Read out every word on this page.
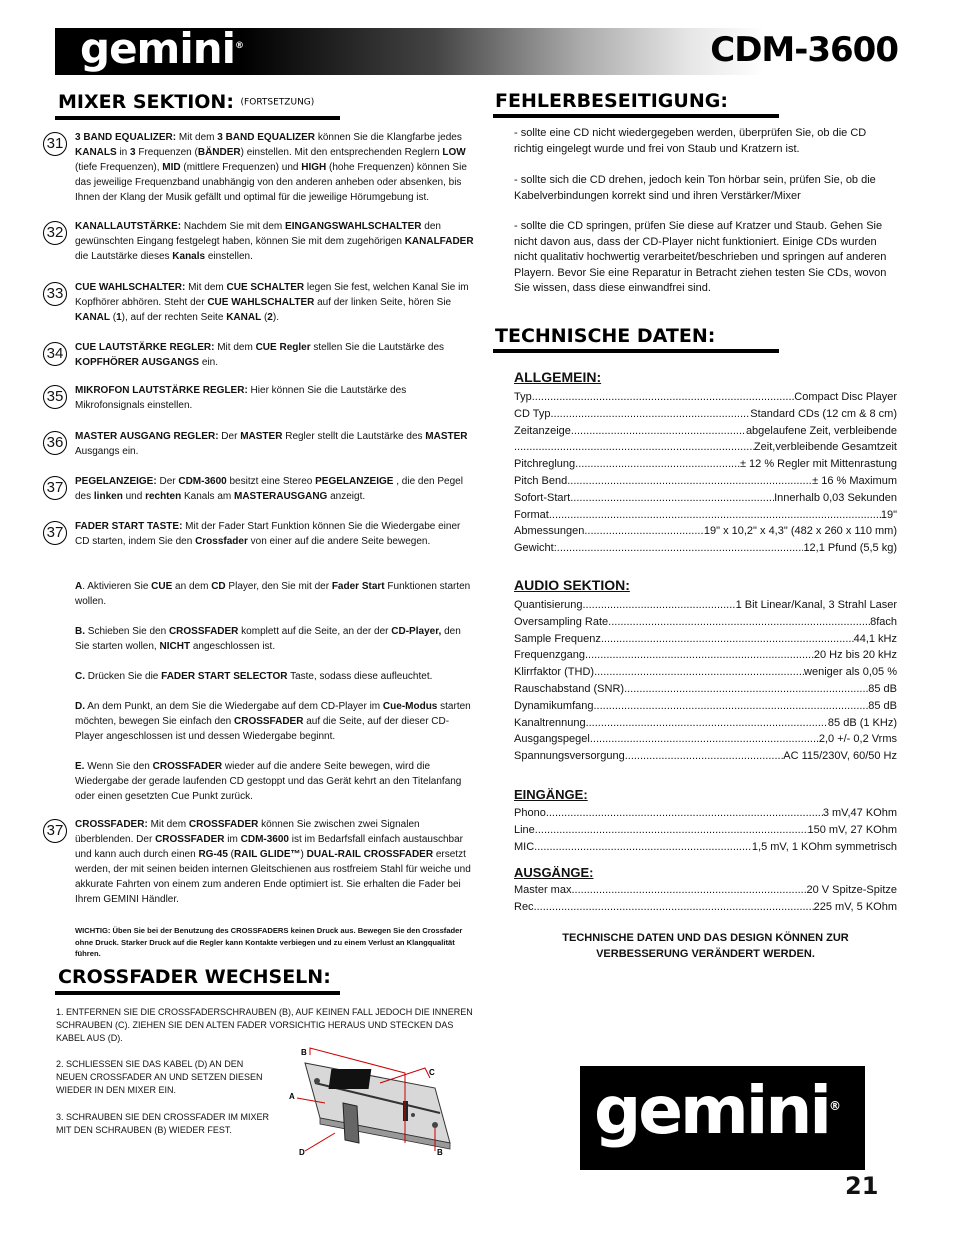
gemini®	CDM-3600
MIXER SEKTION: (FORTSETZUNG)
31	3 BAND EQUALIZER: Mit dem 3 BAND EQUALIZER können Sie die Klangfarbe jedes KANALS in 3 Frequenzen (BÄNDER) einstellen. Mit den entsprechenden Reglern LOW (tiefe Frequenzen), MID (mittlere Frequenzen) und HIGH (hohe Frequenzen) können Sie das jeweilige Frequenzband unabhängig von den anderen anheben oder absenken, bis Ihnen der Klang der Musik gefällt und optimal für die jeweilige Hörumgebung ist.
32	KANALLAUTSTÄRKE: Nachdem Sie mit dem EINGANGSWAHLSCHALTER den gewünschten Eingang festgelegt haben, können Sie mit dem zugehörigen KANALFADER die Lautstärke dieses Kanals einstellen.
33	CUE WAHLSCHALTER: Mit dem CUE SCHALTER legen Sie fest, welchen Kanal Sie im Kopfhörer abhören. Steht der CUE WAHLSCHALTER auf der linken Seite, hören Sie KANAL (1), auf der rechten Seite KANAL (2).
34	CUE LAUTSTÄRKE REGLER: Mit dem CUE Regler stellen Sie die Lautstärke des KOPFHÖRER AUSGANGS ein.
35	MIKROFON LAUTSTÄRKE REGLER: Hier können Sie die Lautstärke des Mikrofonsignals einstellen.
36	MASTER AUSGANG REGLER: Der MASTER Regler stellt die Lautstärke des MASTER Ausgangs ein.
37	PEGELANZEIGE: Der CDM-3600 besitzt eine Stereo PEGELANZEIGE , die den Pegel des linken und rechten Kanals am MASTERAUSGANG anzeigt.
37	FADER START TASTE: Mit der Fader Start Funktion können Sie die Wiedergabe einer CD starten, indem Sie den Crossfader von einer auf die andere Seite bewegen.
A. Aktivieren Sie CUE an dem CD Player, den Sie mit der Fader Start Funktionen starten wollen.
B. Schieben Sie den CROSSFADER komplett auf die Seite, an der der CD-Player, den Sie starten wollen, NICHT angeschlossen ist.
C. Drücken Sie die FADER START SELECTOR Taste, sodass diese aufleuchtet.
D. An dem Punkt, an dem Sie die Wiedergabe auf dem CD-Player im Cue-Modus starten möchten, bewegen Sie einfach den CROSSFADER auf die Seite, auf der dieser CD-Player angeschlossen ist und dessen Wiedergabe beginnt.
E. Wenn Sie den CROSSFADER wieder auf die andere Seite bewegen, wird die Wiedergabe der gerade laufenden CD gestoppt und das Gerät kehrt an den Titelanfang oder einen gesetzten Cue Punkt zurück.
37	CROSSFADER: Mit dem CROSSFADER können Sie zwischen zwei Signalen überblenden. Der CROSSFADER im CDM-3600 ist im Bedarfsfall einfach austauschbar und kann auch durch einen RG-45 (RAIL GLIDE™) DUAL-RAIL CROSSFADER ersetzt werden, der mit seinen beiden internen Gleitschienen aus rostfreiem Stahl für weiche und akkurate Fahrten von einem zum anderen Ende optimiert ist. Sie erhalten die Fader bei Ihrem GEMINI Händler.
WICHTIG: Üben Sie bei der Benutzung des CROSSFADERS keinen Druck aus. Bewegen Sie den Crossfader ohne Druck. Starker Druck auf die Regler kann Kontakte verbiegen und zu einem Verlust an Klangqualität führen.
CROSSFADER WECHSELN:
1. ENTFERNEN SIE DIE CROSSFADERSCHRAUBEN (B), AUF KEINEN FALL JEDOCH DIE INNEREN SCHRAUBEN (C). ZIEHEN SIE DEN ALTEN FADER VORSICHTIG HERAUS UND STECKEN DAS KABEL AUS (D).
2. SCHLIESSEN SIE DAS KABEL (D) AN DEN NEUEN CROSSFADER AN UND SETZEN DIESEN WIEDER IN DEN MIXER EIN.
3. SCHRAUBEN SIE DEN CROSSFADER IM MIXER MIT DEN SCHRAUBEN (B) WIEDER FEST.
B
C
A
D	B
FEHLERBESEITIGUNG:
- sollte eine CD nicht wiedergegeben werden, überprüfen Sie, ob die CD richtig eingelegt wurde und frei von Staub und Kratzern ist.
- sollte sich die CD drehen, jedoch kein Ton hörbar sein, prüfen Sie, ob die Kabelverbindungen korrekt sind und ihren Verstärker/Mixer
- sollte die CD springen, prüfen Sie diese auf Kratzer und Staub. Gehen Sie nicht davon aus, dass der CD-Player nicht funktioniert. Einige CDs wurden nicht qualitativ hochwertig verarbeitet/beschrieben und springen auf anderen Playern. Bevor Sie eine Reparatur in Betracht ziehen testen Sie CDs, wovon Sie wissen, dass diese einwandfrei sind.
TECHNISCHE DATEN:
ALLGEMEIN:
Typ .....	Compact Disc Player
CD Typ .....	Standard CDs (12 cm & 8 cm)
Zeitanzeige .....	abgelaufene Zeit, verbleibende
.....
Zeit,verbleibende Gesamtzeit
Pitchreglung .....	± 12 % Regler mit Mittenrastung
Pitch Bend .....	± 16 % Maximum
Sofort-Start .....	Innerhalb 0,03 Sekunden
Format .....	19"
Abmessungen .....	19" x 10,2" x 4,3" (482 x 260 x 110 mm)
Gewicht: .....	12,1 Pfund (5,5 kg)
AUDIO SEKTION:
Quantisierung .....	1 Bit Linear/Kanal, 3 Strahl Laser
Oversampling Rate .....	8fach
Sample Frequenz .....	44,1 kHz
Frequenzgang .....	20 Hz bis 20 kHz
Klirrfaktor (THD) .....	weniger als 0,05 %
Rauschabstand (SNR) .....	85 dB
Dynamikumfang .....	85 dB
Kanaltrennung .....	85 dB (1 KHz)
Ausgangspegel .....	2,0 +/- 0,2 Vrms
Spannungsversorgung .....	AC 115/230V, 60/50 Hz
EINGÄNGE:
Phono .....	3 mV,47 KOhm
Line .....	150 mV, 27 KOhm
MIC .....	1,5 mV, 1 KOhm symmetrisch
AUSGÄNGE:
Master max .....	20 V Spitze-Spitze
Rec .....	225 mV, 5 KOhm
TECHNISCHE DATEN UND DAS DESIGN KÖNNEN ZUR VERBESSERUNG VERÄNDERT WERDEN.
gemini®
21
